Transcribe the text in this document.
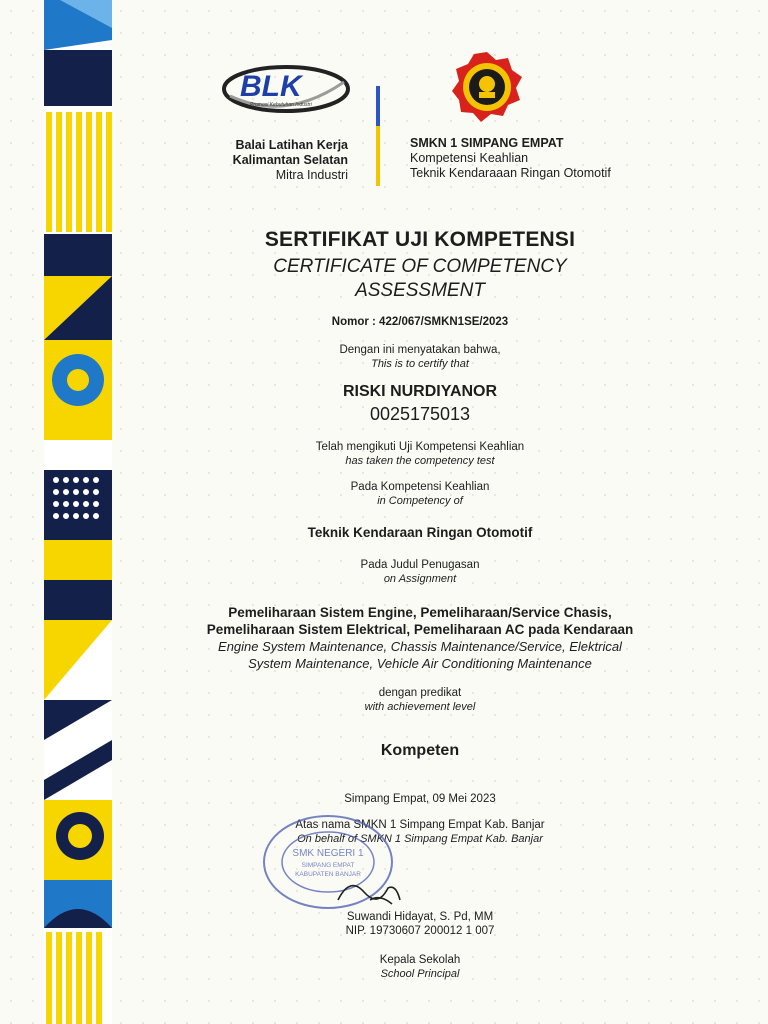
BLK
Promosi Kebutuhan Industri
Balai Latihan Kerja
Kalimantan Selatan
Mitra Industri
SMKN 1 SIMPANG EMPAT
Kompetensi Keahlian
Teknik Kendaraaan Ringan Otomotif
SERTIFIKAT UJI KOMPETENSI
CERTIFICATE OF COMPETENCY
ASSESSMENT
Nomor : 422/067/SMKN1SE/2023
Dengan ini menyatakan bahwa,
This is to certify that
RISKI NURDIYANOR
0025175013
Telah mengikuti Uji Kompetensi Keahlian
has taken the competency test
Pada Kompetensi Keahlian
in Competency of
Teknik Kendaraan Ringan Otomotif
Pada Judul Penugasan
on Assignment
Pemeliharaan Sistem Engine, Pemeliharaan/Service Chasis,
Pemeliharaan Sistem Elektrical, Pemeliharaan AC pada Kendaraan
Engine System Maintenance, Chassis Maintenance/Service, Elektrical
System Maintenance, Vehicle Air Conditioning Maintenance
dengan predikat
with achievement level
Kompeten
Simpang Empat, 09 Mei 2023
Atas nama SMKN 1 Simpang Empat Kab. Banjar
On behalf of SMKN 1 Simpang Empat Kab. Banjar
SMK NEGERI 1
SIMPANG EMPAT
KABUPATEN BANJAR
Suwandi Hidayat, S. Pd, MM
NIP. 19730607 200012 1 007
Kepala Sekolah
School Principal
